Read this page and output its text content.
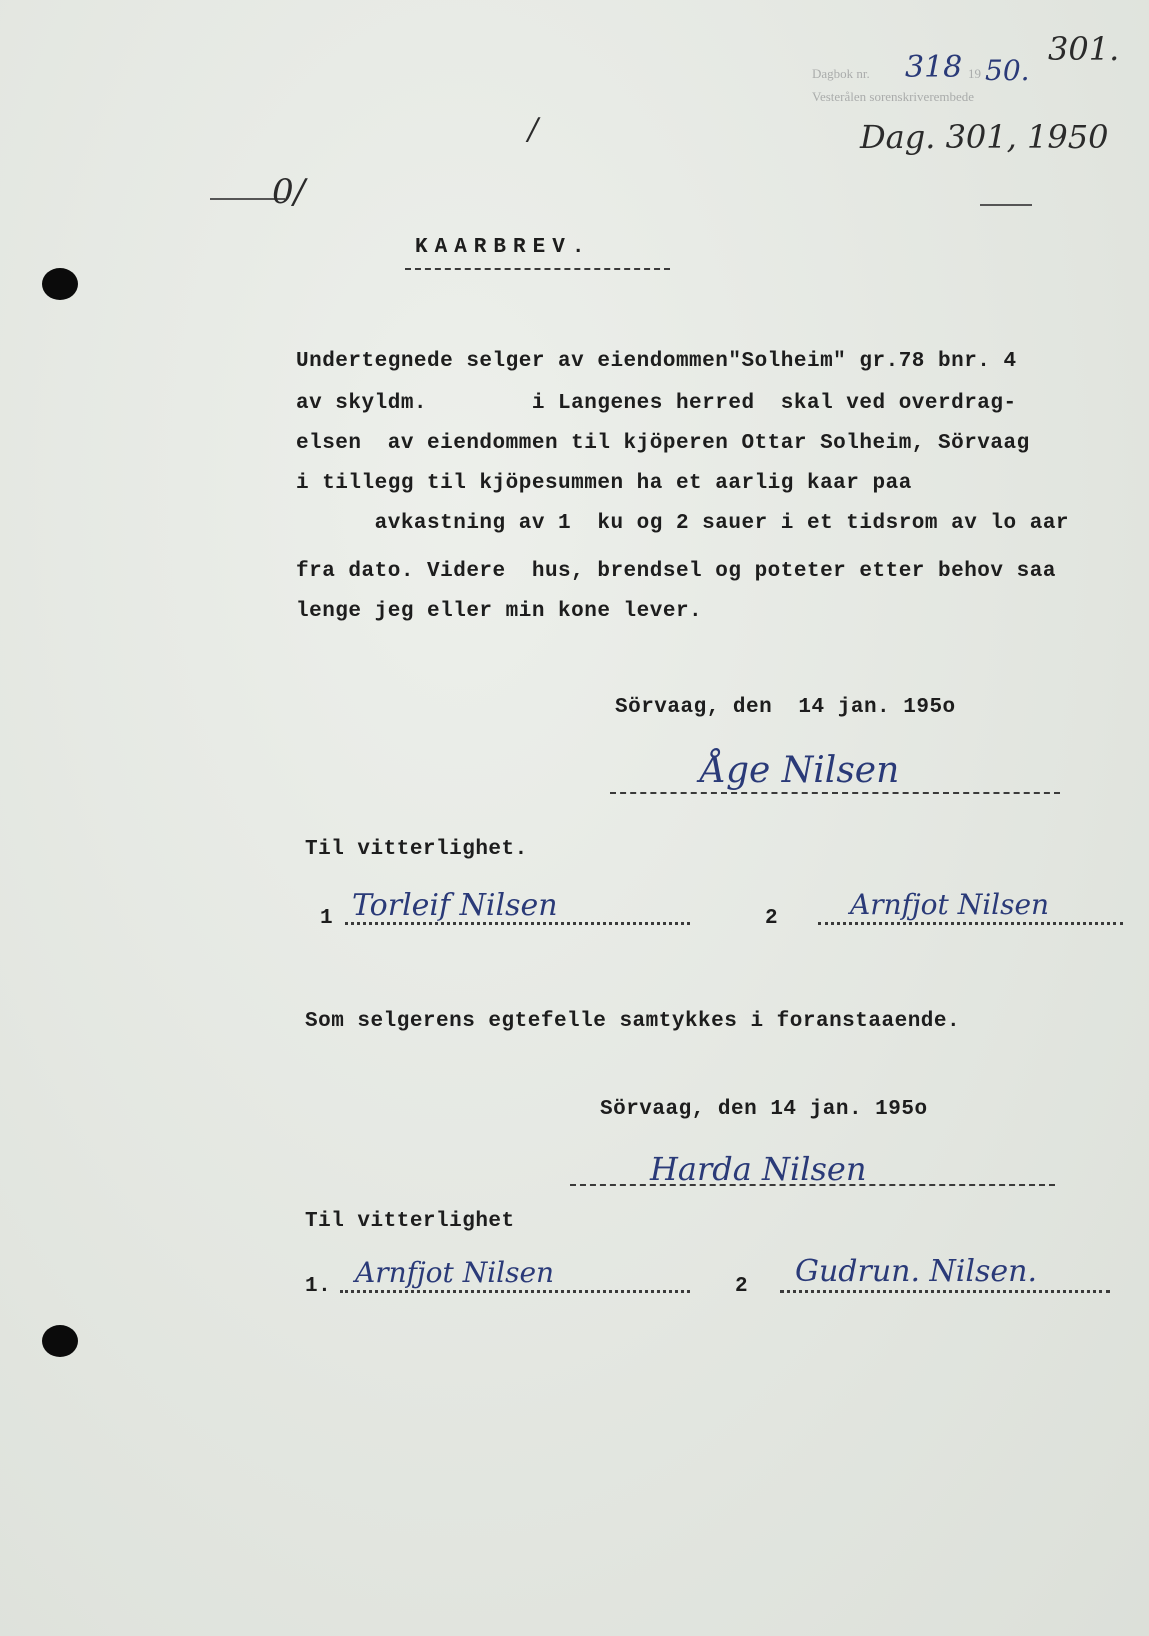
Dagbok nr. 318 19 50.
Vesterålen sorenskriverembede
301.
Dag. 301, 1950
/
0/
KAARBREV.
Undertegnede selger av eiendommen"Solheim" gr.78 bnr. 4
av skyldm.        i Langenes herred  skal ved overdrag-
elsen  av eiendommen til kjöperen Ottar Solheim, Sörvaag
i tillegg til kjöpesummen ha et aarlig kaar paa
avkastning av 1  ku og 2 sauer i et tidsrom av lo aar
fra dato. Videre  hus, brendsel og poteter etter behov saa
lenge jeg eller min kone lever.
Sörvaag, den  14 jan. 195o
Åge Nilsen
Til vitterlighet.
1 Torleif Nilsen	2	Arnfjot Nilsen
Som selgerens egtefelle samtykkes i foranstaaende.
Sörvaag, den 14 jan. 195o
Harda Nilsen
Til vitterlighet
1. Arnfjot Nilsen	2 Gudrun. Nilsen.
